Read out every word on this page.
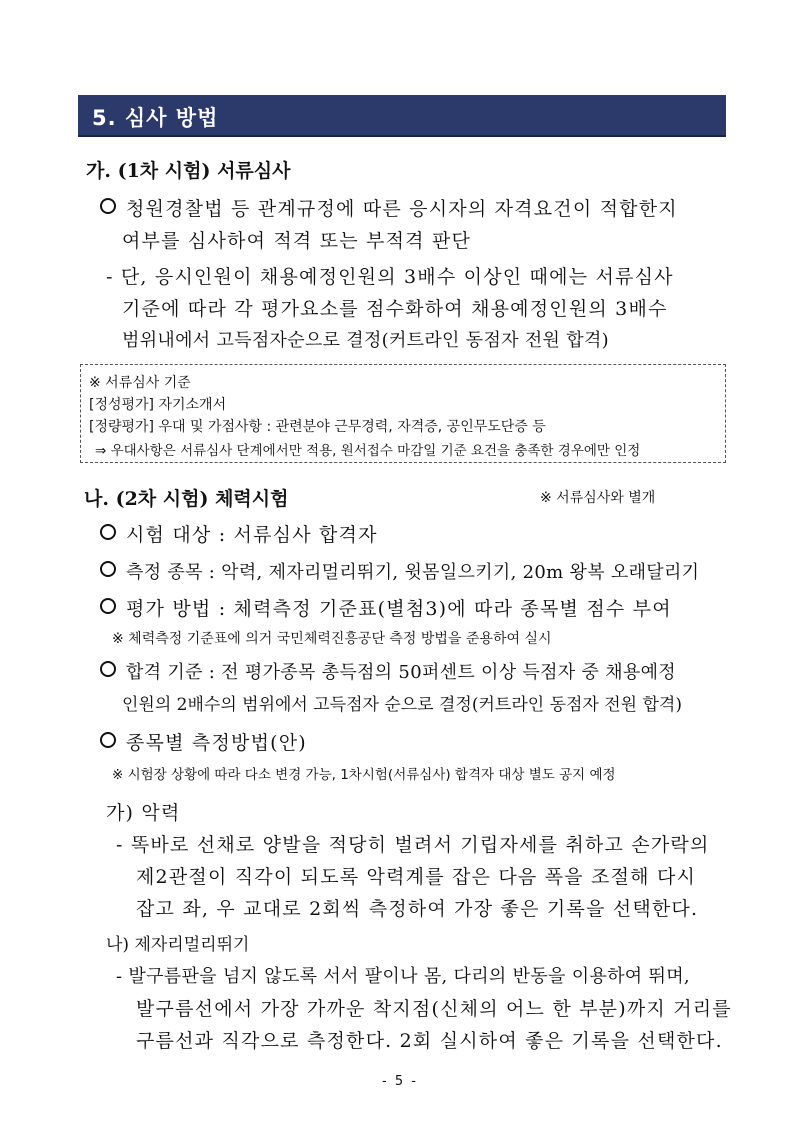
5. 심사 방법
가. (1차 시험) 서류심사
청원경찰법 등 관계규정에 따른 응시자의 자격요건이 적합한지
여부를 심사하여 적격 또는 부적격 판단
- 단, 응시인원이 채용예정인원의 3배수 이상인 때에는 서류심사
기준에 따라 각 평가요소를 점수화하여 채용예정인원의 3배수
범위내에서 고득점자순으로 결정(커트라인 동점자 전원 합격)
※ 서류심사 기준
[정성평가] 자기소개서
[정량평가] 우대 및 가점사항 : 관련분야 근무경력, 자격증, 공인무도단증 등
⇒ 우대사항은 서류심사 단계에서만 적용, 원서접수 마감일 기준 요건을 충족한 경우에만 인정
나. (2차 시험) 체력시험	※ 서류심사와 별개
시험 대상 : 서류심사 합격자
측정 종목 : 악력, 제자리멀리뛰기, 윗몸일으키기, 20m 왕복 오래달리기
평가 방법 : 체력측정 기준표(별첨3)에 따라 종목별 점수 부여
※ 체력측정 기준표에 의거 국민체력진흥공단 측정 방법을 준용하여 실시
합격 기준 : 전 평가종목 총득점의 50퍼센트 이상 득점자 중 채용예정
인원의 2배수의 범위에서 고득점자 순으로 결정(커트라인 동점자 전원 합격)
종목별 측정방법(안)
※ 시험장 상황에 따라 다소 변경 가능, 1차시험(서류심사) 합격자 대상 별도 공지 예정
가) 악력
- 똑바로 선채로 양발을 적당히 벌려서 기립자세를 취하고 손가락의
제2관절이 직각이 되도록 악력계를 잡은 다음 폭을 조절해 다시
잡고 좌, 우 교대로 2회씩 측정하여 가장 좋은 기록을 선택한다.
나) 제자리멀리뛰기
- 발구름판을 넘지 않도록 서서 팔이나 몸, 다리의 반동을 이용하여 뛰며,
발구름선에서 가장 가까운 착지점(신체의 어느 한 부분)까지 거리를
구름선과 직각으로 측정한다. 2회 실시하여 좋은 기록을 선택한다.
- 5 -
